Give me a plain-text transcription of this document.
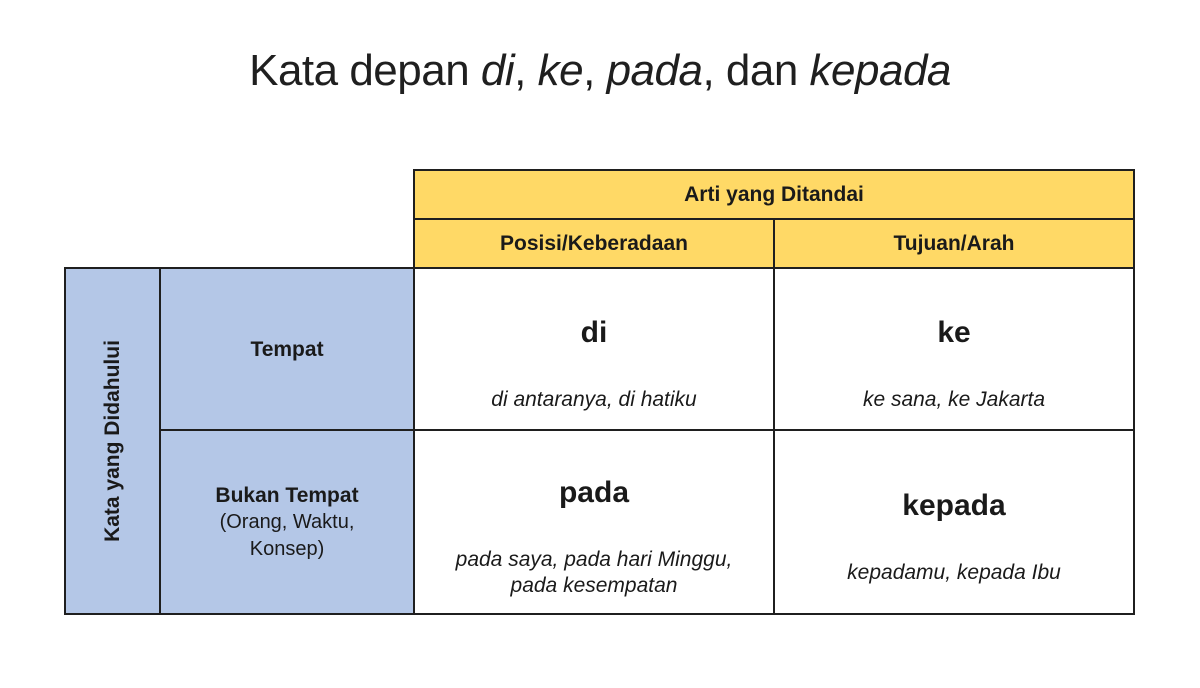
Kata depan di, ke, pada, dan kepada
Arti yang Ditandai
Posisi/Keberadaan	Tujuan/Arah
Kata yang Didahului	Tempat
Bukan Tempat
(Orang, Waktu, Konsep)
di
di antaranya, di hatiku
ke
ke sana, ke Jakarta
pada
pada saya, pada hari Minggu, pada kesempatan
kepada
kepadamu, kepada Ibu
